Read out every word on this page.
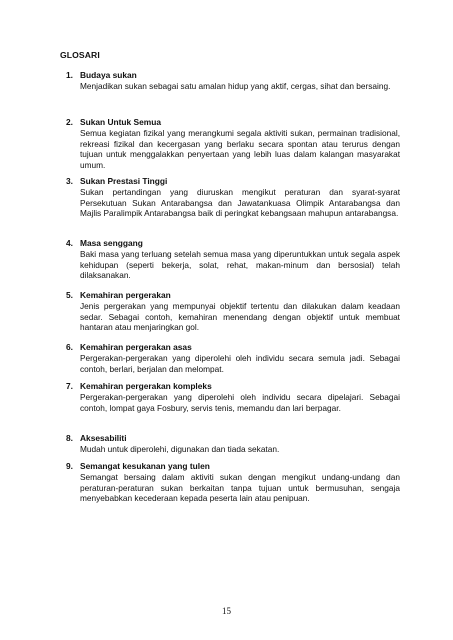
GLOSARI
1. Budaya sukan
Menjadikan sukan sebagai satu amalan hidup yang aktif, cergas, sihat dan bersaing.
2. Sukan Untuk Semua
Semua kegiatan fizikal yang merangkumi segala aktiviti sukan, permainan tradisional, rekreasi fizikal dan kecergasan yang berlaku secara spontan atau terurus dengan tujuan untuk menggalakkan penyertaan yang lebih luas dalam kalangan masyarakat umum.
3. Sukan Prestasi Tinggi
Sukan pertandingan yang diuruskan mengikut peraturan dan syarat-syarat Persekutuan Sukan Antarabangsa dan Jawatankuasa Olimpik Antarabangsa dan Majlis Paralimpik Antarabangsa baik di peringkat kebangsaan mahupun antarabangsa.
4. Masa senggang
Baki masa yang terluang setelah semua masa yang diperuntukkan untuk segala aspek kehidupan (seperti bekerja, solat, rehat, makan-minum dan bersosial) telah dilaksanakan.
5. Kemahiran pergerakan
Jenis pergerakan yang mempunyai objektif tertentu dan dilakukan dalam keadaan sedar. Sebagai contoh, kemahiran menendang dengan objektif untuk membuat hantaran atau menjaringkan gol.
6. Kemahiran pergerakan asas
Pergerakan-pergerakan yang diperolehi oleh individu secara semula jadi. Sebagai contoh, berlari, berjalan dan melompat.
7. Kemahiran pergerakan kompleks
Pergerakan-pergerakan yang diperolehi oleh individu secara dipelajari. Sebagai contoh, lompat gaya Fosbury, servis tenis, memandu dan lari berpagar.
8. Aksesabiliti
Mudah untuk diperolehi, digunakan dan tiada sekatan.
9. Semangat kesukanan yang tulen
Semangat bersaing dalam aktiviti sukan dengan mengikut undang-undang dan peraturan-peraturan sukan berkaitan tanpa tujuan untuk bermusuhan, sengaja menyebabkan kecederaan kepada peserta lain atau penipuan.
15
